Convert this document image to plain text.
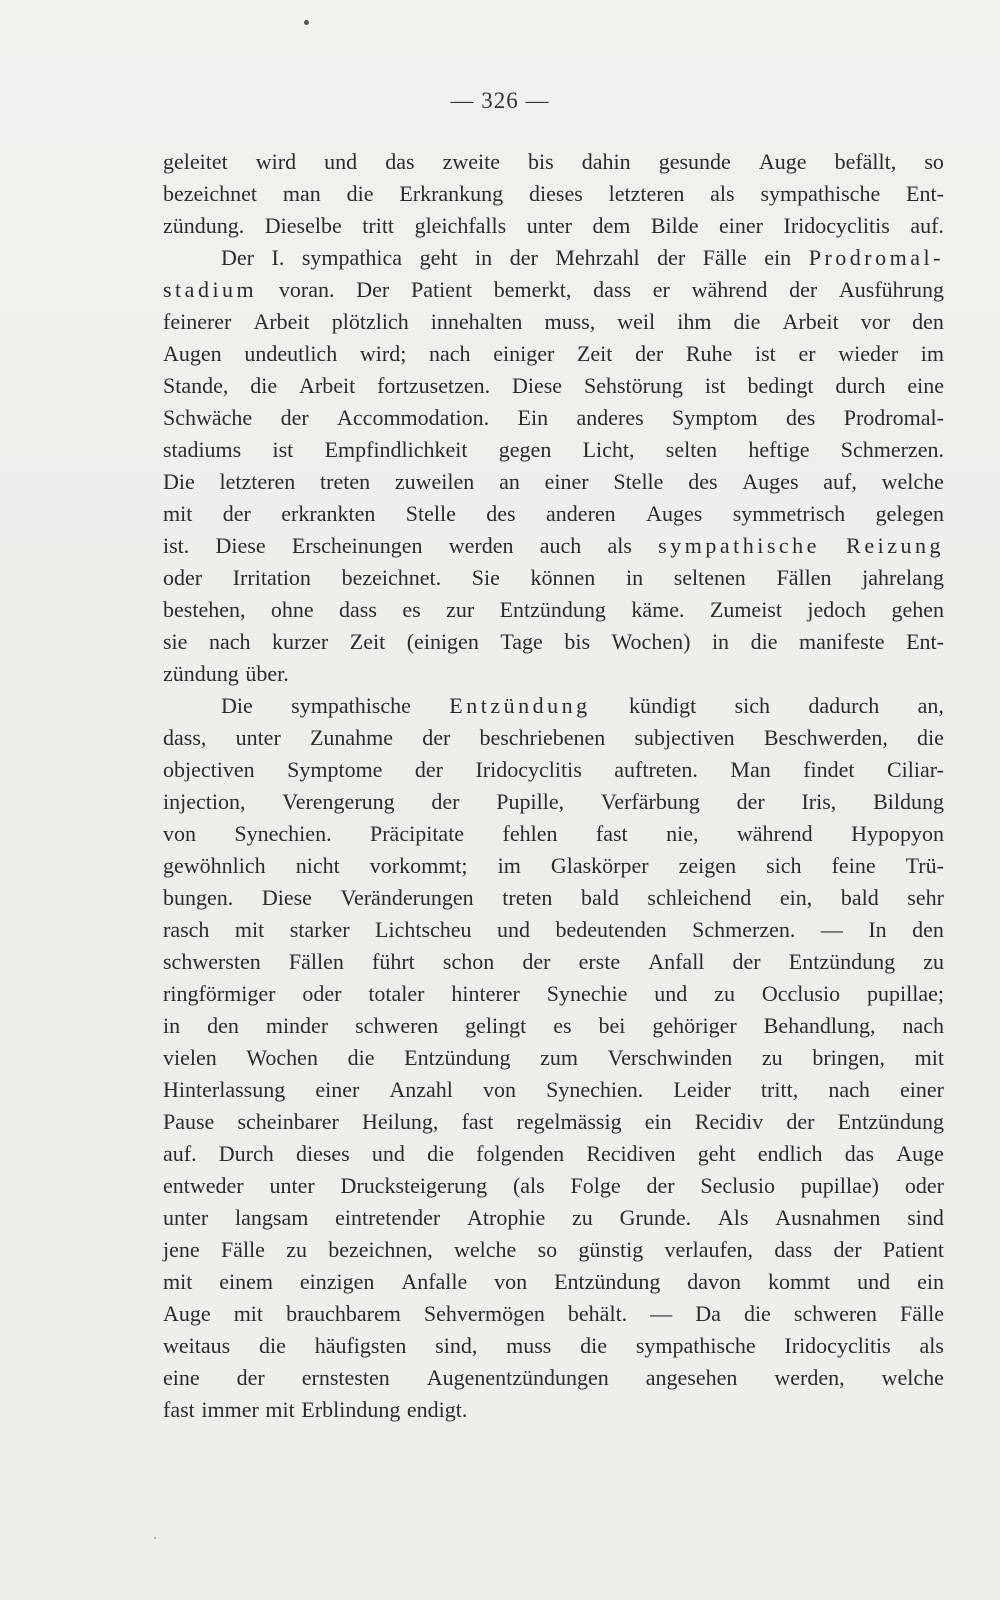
— 326 —

geleitet wird und das zweite bis dahin gesunde Auge befällt, so
bezeichnet man die Erkrankung dieses letzteren als sympathische Ent-
zündung. Dieselbe tritt gleichfalls unter dem Bilde einer Iridocyclitis auf.
Der I. sympathica geht in der Mehrzahl der Fälle ein Prodromal-
stadium voran. Der Patient bemerkt, dass er während der Ausführung
feinerer Arbeit plötzlich innehalten muss, weil ihm die Arbeit vor den
Augen undeutlich wird; nach einiger Zeit der Ruhe ist er wieder im
Stande, die Arbeit fortzusetzen. Diese Sehstörung ist bedingt durch eine
Schwäche der Accommodation. Ein anderes Symptom des Prodromal-
stadiums ist Empfindlichkeit gegen Licht, selten heftige Schmerzen.
Die letzteren treten zuweilen an einer Stelle des Auges auf, welche
mit der erkrankten Stelle des anderen Auges symmetrisch gelegen
ist. Diese Erscheinungen werden auch als sympathische Reizung
oder Irritation bezeichnet. Sie können in seltenen Fällen jahrelang
bestehen, ohne dass es zur Entzündung käme. Zumeist jedoch gehen
sie nach kurzer Zeit (einigen Tage bis Wochen) in die manifeste Ent-
zündung über.
Die sympathische Entzündung kündigt sich dadurch an,
dass, unter Zunahme der beschriebenen subjectiven Beschwerden, die
objectiven Symptome der Iridocyclitis auftreten. Man findet Ciliar-
injection, Verengerung der Pupille, Verfärbung der Iris, Bildung
von Synechien. Präcipitate fehlen fast nie, während Hypopyon
gewöhnlich nicht vorkommt; im Glaskörper zeigen sich feine Trü-
bungen. Diese Veränderungen treten bald schleichend ein, bald sehr
rasch mit starker Lichtscheu und bedeutenden Schmerzen. — In den
schwersten Fällen führt schon der erste Anfall der Entzündung zu
ringförmiger oder totaler hinterer Synechie und zu Occlusio pupillae;
in den minder schweren gelingt es bei gehöriger Behandlung, nach
vielen Wochen die Entzündung zum Verschwinden zu bringen, mit
Hinterlassung einer Anzahl von Synechien. Leider tritt, nach einer
Pause scheinbarer Heilung, fast regelmässig ein Recidiv der Entzündung
auf. Durch dieses und die folgenden Recidiven geht endlich das Auge
entweder unter Drucksteigerung (als Folge der Seclusio pupillae) oder
unter langsam eintretender Atrophie zu Grunde. Als Ausnahmen sind
jene Fälle zu bezeichnen, welche so günstig verlaufen, dass der Patient
mit einem einzigen Anfalle von Entzündung davon kommt und ein
Auge mit brauchbarem Sehvermögen behält. — Da die schweren Fälle
weitaus die häufigsten sind, muss die sympathische Iridocyclitis als
eine der ernstesten Augenentzündungen angesehen werden, welche
fast immer mit Erblindung endigt.
